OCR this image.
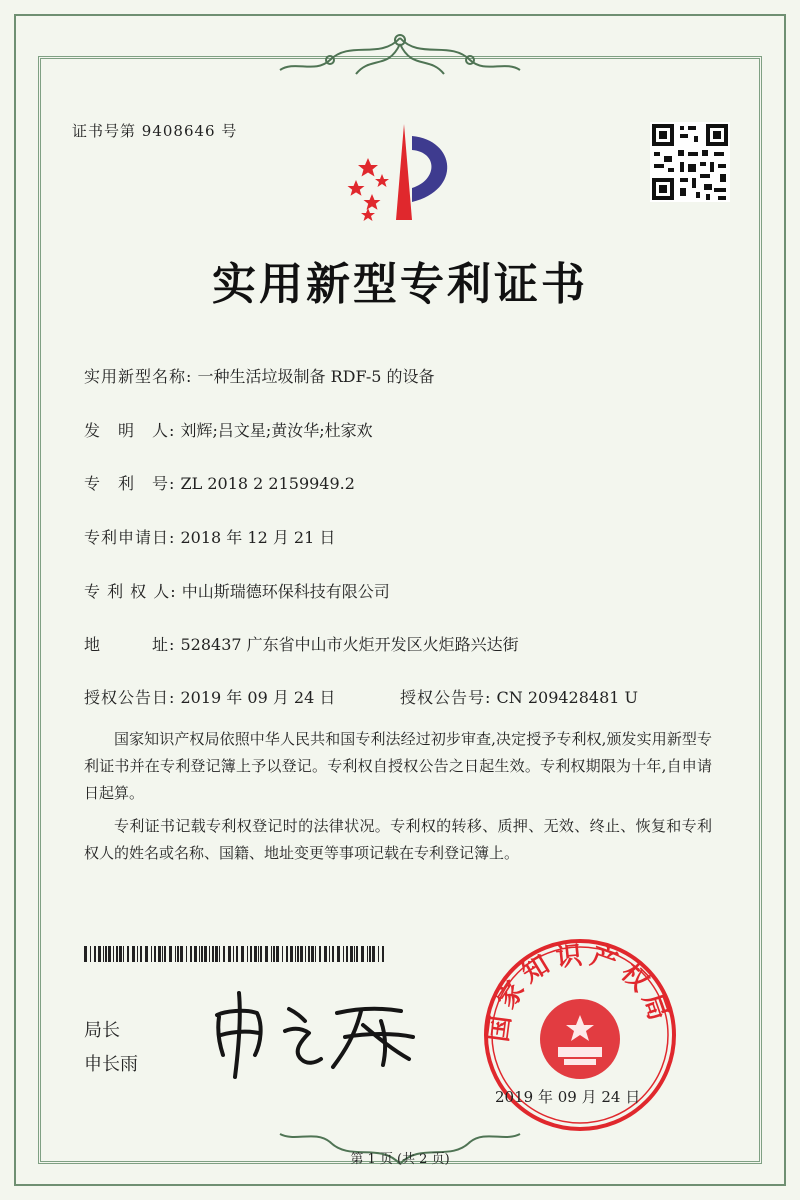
证书号第 9408646 号
实用新型专利证书
实用新型名称: 一种生活垃圾制备 RDF-5 的设备
发　明　人: 刘辉;吕文星;黄汝华;杜家欢
专　利　号: ZL 2018 2 2159949.2
专利申请日: 2018 年 12 月 21 日
专 利 权 人: 中山斯瑞德环保科技有限公司
地　　　址: 528437 广东省中山市火炬开发区火炬路兴达街
授权公告日: 2019 年 09 月 24 日	授权公告号: CN 209428481 U

国家知识产权局依照中华人民共和国专利法经过初步审查,决定授予专利权,颁发实用新型专利证书并在专利登记簿上予以登记。专利权自授权公告之日起生效。专利权期限为十年,自申请日起算。

专利证书记载专利权登记时的法律状况。专利权的转移、质押、无效、终止、恢复和专利权人的姓名或名称、国籍、地址变更等事项记载在专利登记簿上。

局长
申长雨
国家知识产权局
2019 年 09 月 24 日
第 1 页 (共 2 页)
